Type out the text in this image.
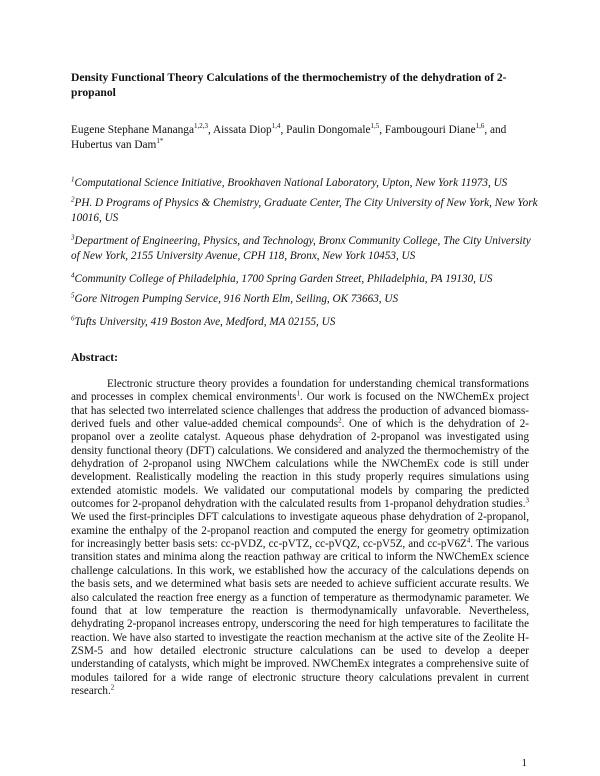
Density Functional Theory Calculations of the thermochemistry of the dehydration of 2-propanol
Eugene Stephane Mananga$^{1,2,3}$, Aissata Diop$^{1,4}$, Paulin Dongomale$^{1,5}$, Fambougouri Diane$^{1,6}$, and Hubertus van Dam$^{1*}$
$^1$Computational Science Initiative, Brookhaven National Laboratory, Upton, New York 11973, US
$^2$PH. D Programs of Physics & Chemistry, Graduate Center, The City University of New York, New York 10016, US
$^3$Department of Engineering, Physics, and Technology, Bronx Community College, The City University of New York, 2155 University Avenue, CPH 118, Bronx, New York 10453, US
$^4$Community College of Philadelphia, 1700 Spring Garden Street, Philadelphia, PA 19130, US
$^5$Gore Nitrogen Pumping Service, 916 North Elm, Seiling, OK 73663, US
$^6$Tufts University, 419 Boston Ave, Medford, MA 02155, US
Abstract:
Electronic structure theory provides a foundation for understanding chemical transformations and processes in complex chemical environments$^1$. Our work is focused on the NWChemEx project that has selected two interrelated science challenges that address the production of advanced biomass-derived fuels and other value-added chemical compounds$^2$. One of which is the dehydration of 2-propanol over a zeolite catalyst. Aqueous phase dehydration of 2-propanol was investigated using density functional theory (DFT) calculations. We considered and analyzed the thermochemistry of the dehydration of 2-propanol using NWChem calculations while the NWChemEx code is still under development. Realistically modeling the reaction in this study properly requires simulations using extended atomistic models. We validated our computational models by comparing the predicted outcomes for 2-propanol dehydration with the calculated results from 1-propanol dehydration studies.$^3$ We used the first-principles DFT calculations to investigate aqueous phase dehydration of 2-propanol, examine the enthalpy of the 2-propanol reaction and computed the energy for geometry optimization for increasingly better basis sets: cc-pVDZ, cc-pVTZ, cc-pVQZ, cc-pV5Z, and $cc-pV6Z^4$. The various transition states and minima along the reaction pathway are critical to inform the NWChemEx science challenge calculations. In this work, we established how the accuracy of the calculations depends on the basis sets, and we determined what basis sets are needed to achieve sufficient accurate results. We also calculated the reaction free energy as a function of temperature as thermodynamic parameter. We found that at low temperature the reaction is thermodynamically unfavorable. Nevertheless, dehydrating 2-propanol increases entropy, underscoring the need for high temperatures to facilitate the reaction. We have also started to investigate the reaction mechanism at the active site of the Zeolite H-ZSM-5 and how detailed electronic structure calculations can be used to develop a deeper understanding of catalysts, which might be improved. NWChemEx integrates a comprehensive suite of modules tailored for a wide range of electronic structure theory calculations prevalent in current research.$^2$
1
